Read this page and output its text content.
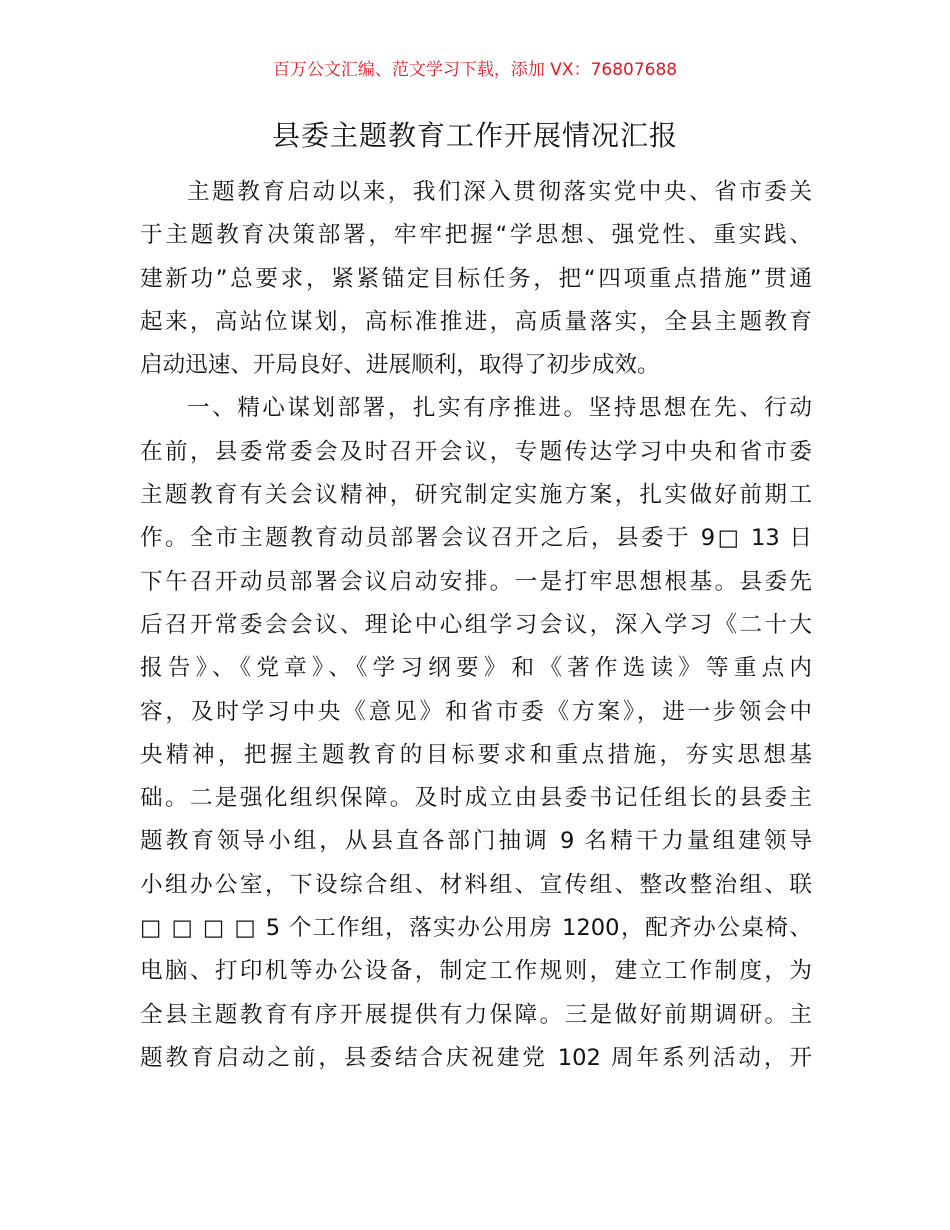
百万公文汇编、范文学习下载，添加 VX：76807688
县委主题教育工作开展情况汇报
主题教育启动以来，我们深入贯彻落实党中央、省市委关
于主题教育决策部署，牢牢把握“学思想、强党性、重实践、
建新功”总要求，紧紧锚定目标任务，把“四项重点措施”贯通
起来，高站位谋划，高标准推进，高质量落实，全县主题教育
启动迅速、开局良好、进展顺利，取得了初步成效。
一、精心谋划部署，扎实有序推进。坚持思想在先、行动
在前，县委常委会及时召开会议，专题传达学习中央和省市委
主题教育有关会议精神，研究制定实施方案，扎实做好前期工
作。全市主题教育动员部署会议召开之后，县委于 9□ 13 日
下午召开动员部署会议启动安排。一是打牢思想根基。县委先
后召开常委会会议、理论中心组学习会议，深入学习《二十大
报告》、《党章》、《学习纲要》和《著作选读》等重点内
容，及时学习中央《意见》和省市委《方案》，进一步领会中
央精神，把握主题教育的目标要求和重点措施，夯实思想基
础。二是强化组织保障。及时成立由县委书记任组长的县委主
题教育领导小组，从县直各部门抽调 9 名精干力量组建领导
小组办公室，下设综合组、材料组、宣传组、整改整治组、联
□ □ □ □ 5 个工作组，落实办公用房 1200，配齐办公桌椅、
电脑、打印机等办公设备，制定工作规则，建立工作制度，为
全县主题教育有序开展提供有力保障。三是做好前期调研。主
题教育启动之前，县委结合庆祝建党 102 周年系列活动，开
